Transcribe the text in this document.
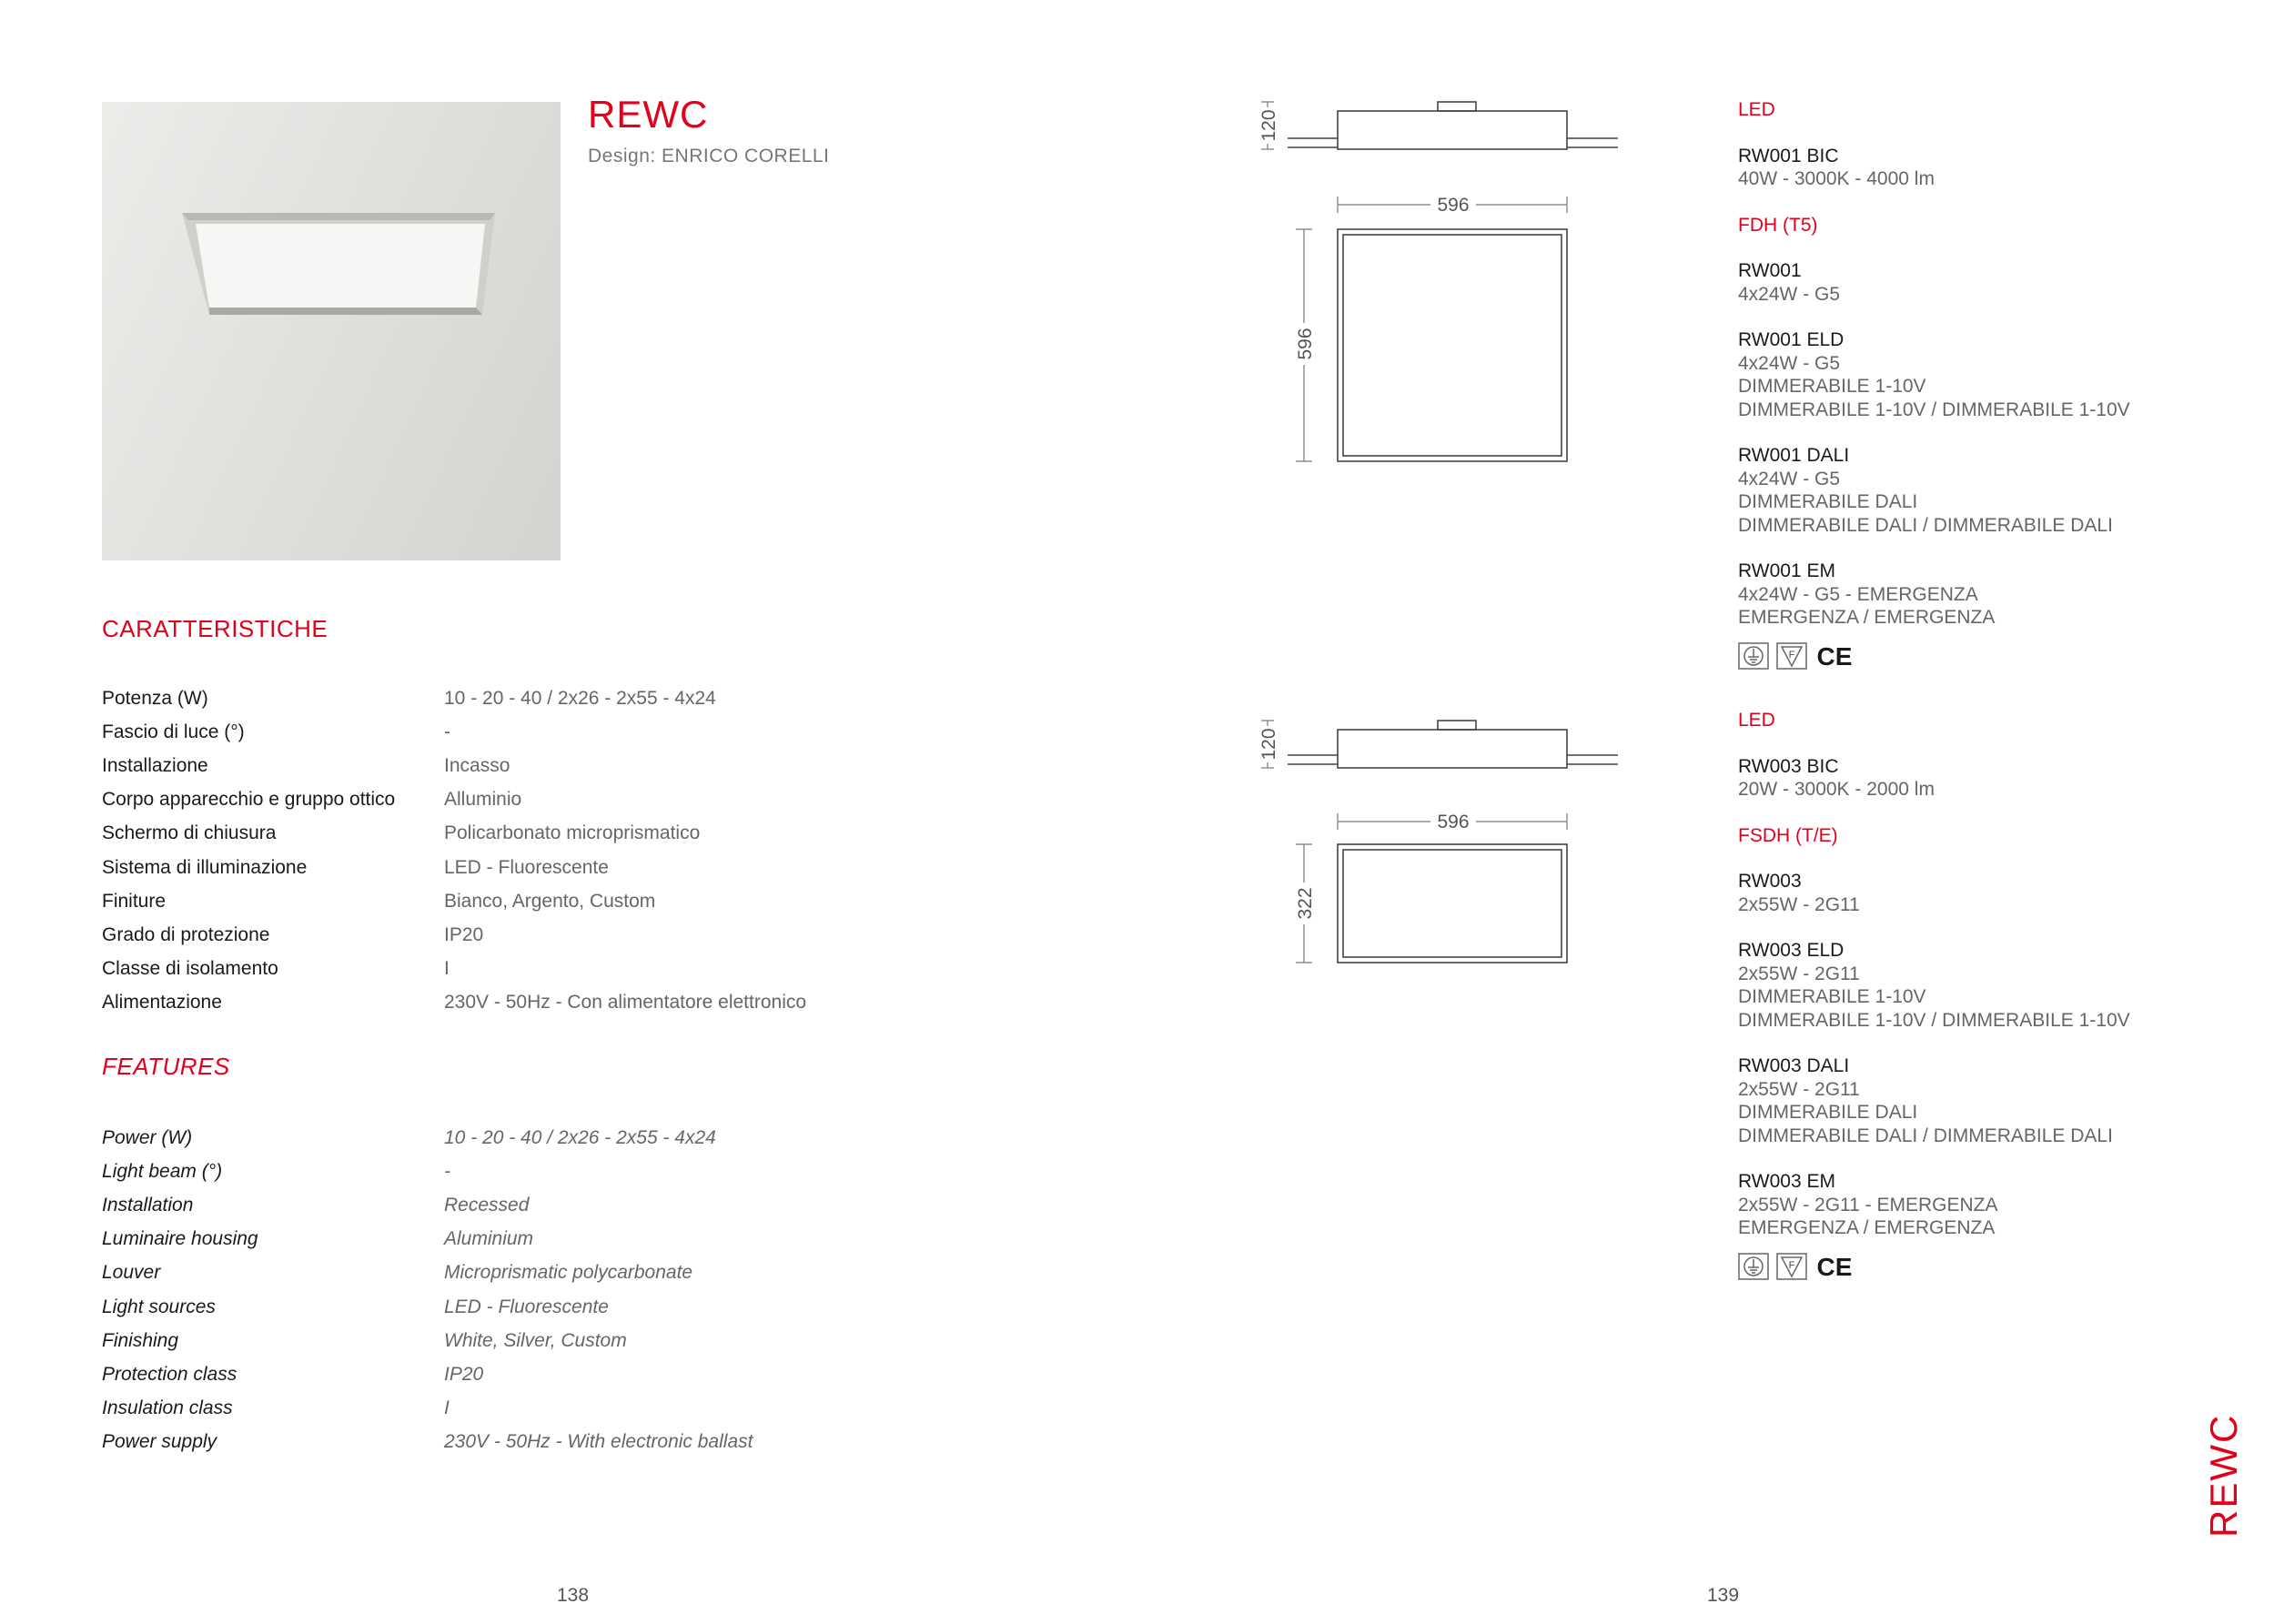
REWC
Design: ENRICO CORELLI
CARATTERISTICHE
Potenza (W)	10 - 20 - 40 / 2x26 - 2x55 - 4x24
Fascio di luce (°)	-
Installazione	Incasso
Corpo apparecchio e gruppo ottico	Alluminio
Schermo di chiusura	Policarbonato microprismatico
Sistema di illuminazione	LED - Fluorescente
Finiture	Bianco, Argento, Custom
Grado di protezione	IP20
Classe di isolamento	I
Alimentazione	230V - 50Hz - Con alimentatore elettronico
FEATURES
Power (W)	10 - 20 - 40 / 2x26 - 2x55 - 4x24
Light beam (°)	-
Installation	Recessed
Luminaire housing	Aluminium
Louver	Microprismatic polycarbonate
Light sources	LED - Fluorescente
Finishing	White, Silver, Custom
Protection class	IP20
Insulation class	I
Power supply	230V - 50Hz - With electronic ballast
596
596
120
596
322
120
LED
RW001 BIC
40W - 3000K - 4000 lm
FDH (T5)
RW001
4x24W - G5
RW001 ELD
4x24W - G5
DIMMERABILE 1-10V
DIMMERABILE 1-10V / DIMMERABILE 1-10V
RW001 DALI
4x24W - G5
DIMMERABILE DALI
DIMMERABILE DALI / DIMMERABILE DALI
RW001 EM
4x24W - G5 - EMERGENZA
EMERGENZA / EMERGENZA
F CE
LED
RW003 BIC
20W - 3000K - 2000 lm
FSDH (T/E)
RW003
2x55W - 2G11
RW003 ELD
2x55W - 2G11
DIMMERABILE 1-10V
DIMMERABILE 1-10V / DIMMERABILE 1-10V
RW003 DALI
2x55W - 2G11
DIMMERABILE DALI
DIMMERABILE DALI / DIMMERABILE DALI
RW003 EM
2x55W - 2G11 - EMERGENZA
EMERGENZA / EMERGENZA
F CE
REWC
138	139
